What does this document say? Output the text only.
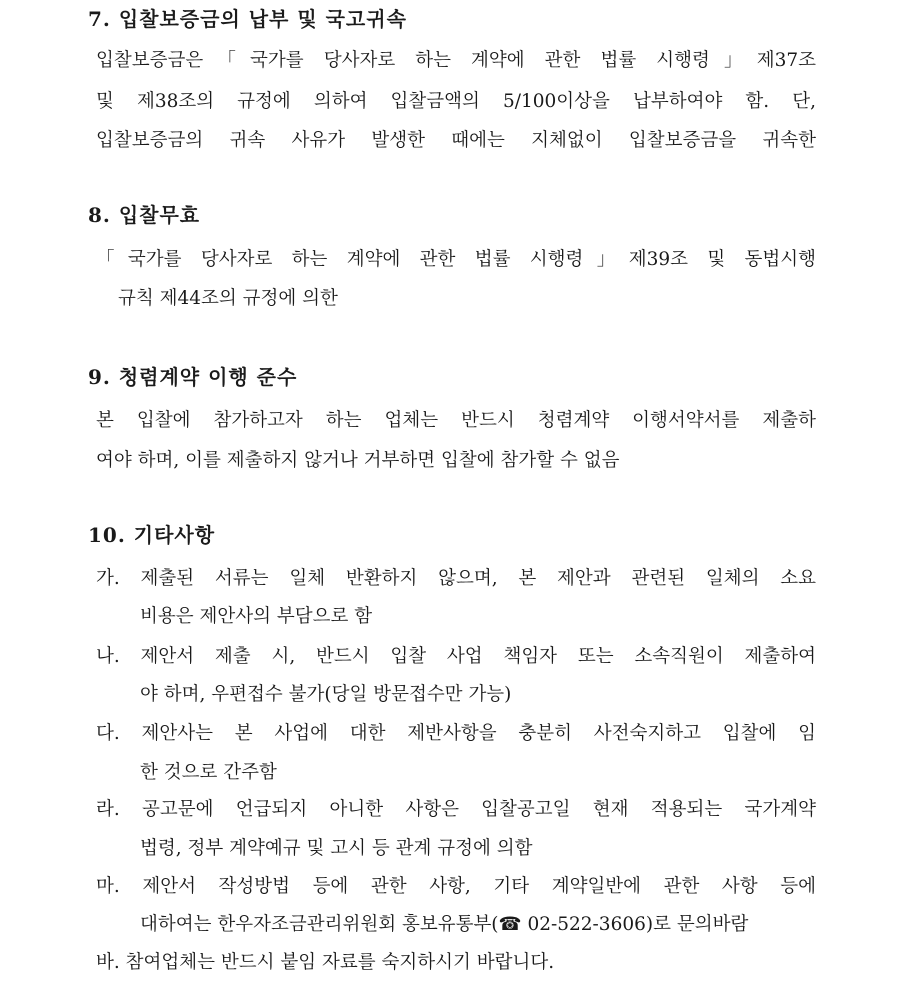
7. 입찰보증금의 납부 및 국고귀속

입찰보증금은「국가를 당사자로 하는 계약에 관한 법률 시행령」제37조

및 제38조의 규정에 의하여 입찰금액의 5/100이상을 납부하여야 함. 단,

입찰보증금의 귀속 사유가 발생한 때에는 지체없이 입찰보증금을 귀속한

8. 입찰무효

「국가를 당사자로 하는 계약에 관한 법률 시행령」제39조 및 동법시행

규칙 제44조의 규정에 의한

9. 청렴계약 이행 준수

본 입찰에 참가하고자 하는 업체는 반드시 청렴계약 이행서약서를 제출하

여야 하며, 이를 제출하지 않거나 거부하면 입찰에 참가할 수 없음

10. 기타사항

가. 제출된 서류는 일체 반환하지 않으며, 본 제안과 관련된 일체의 소요

비용은 제안사의 부담으로 함

나. 제안서 제출 시, 반드시 입찰 사업 책임자 또는 소속직원이 제출하여

야 하며, 우편접수 불가(당일 방문접수만 가능)

다. 제안사는 본 사업에 대한 제반사항을 충분히 사전숙지하고 입찰에 임

한 것으로 간주함

라. 공고문에 언급되지 아니한 사항은 입찰공고일 현재 적용되는 국가계약

법령, 정부 계약예규 및 고시 등 관계 규정에 의함

마. 제안서 작성방법 등에 관한 사항, 기타 계약일반에 관한 사항 등에

대하여는 한우자조금관리위원회 홍보유통부(☎ 02-522-3606)로 문의바람

바. 참여업체는 반드시 붙임 자료를 숙지하시기 바랍니다.
